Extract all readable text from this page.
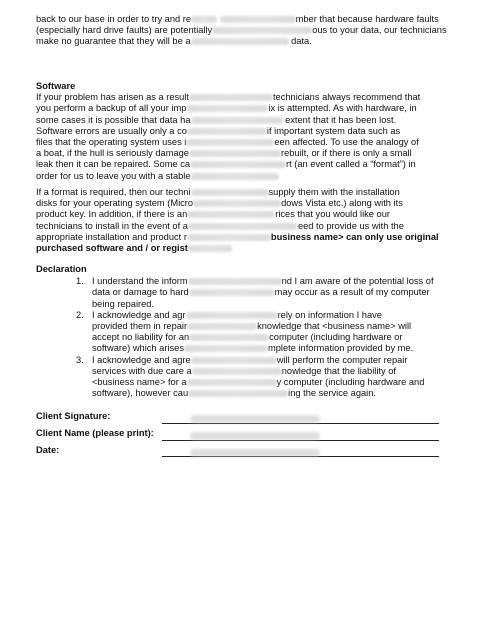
back to our base in order to try and re	mber that because hardware faults

(especially hard drive faults) are potentially	ous to your data, our technicians

make no guarantee that they will be a	data.

Software

If your problem has arisen as a result	technicians always recommend that

you perform a backup of all your imp	ix is attempted. As with hardware, in

some cases it is possible that data ha	extent that it has been lost.

Software errors are usually only a co	if important system data such as

files that the operating system uses i	een affected. To use the analogy of

a boat, if the hull is seriously damage	rebuilt, or if there is only a small

leak then it can be repaired. Some ca	rt (an event called a “format”) in

order for us to leave you with a stable

If a format is required, then our techni	supply them with the installation

disks for your operating system (Micro	dows Vista etc.) along with its

product key. In addition, if there is an	rices that you would like our

technicians to install in the event of a	eed to provide us with the

appropriate installation and product r	business name> can only use original

purchased software and / or regist

Declaration

1. I understand the inform	nd I am aware of the potential loss of

data or damage to hard	may occur as a result of my computer

being repaired.

2. I acknowledge and agr	rely on information I have

provided them in repair	knowledge that <business name> will

accept no liability for an	computer (including hardware or

software) which arises	mplete information provided by me.

3. I acknowledge and agre	will perform the computer repair

services with due care a	nowledge that the liability of

<business name> for a	y computer (including hardware and

software), however cau	ing the service again.

Client Signature:
Client Name (please print):
Date:
